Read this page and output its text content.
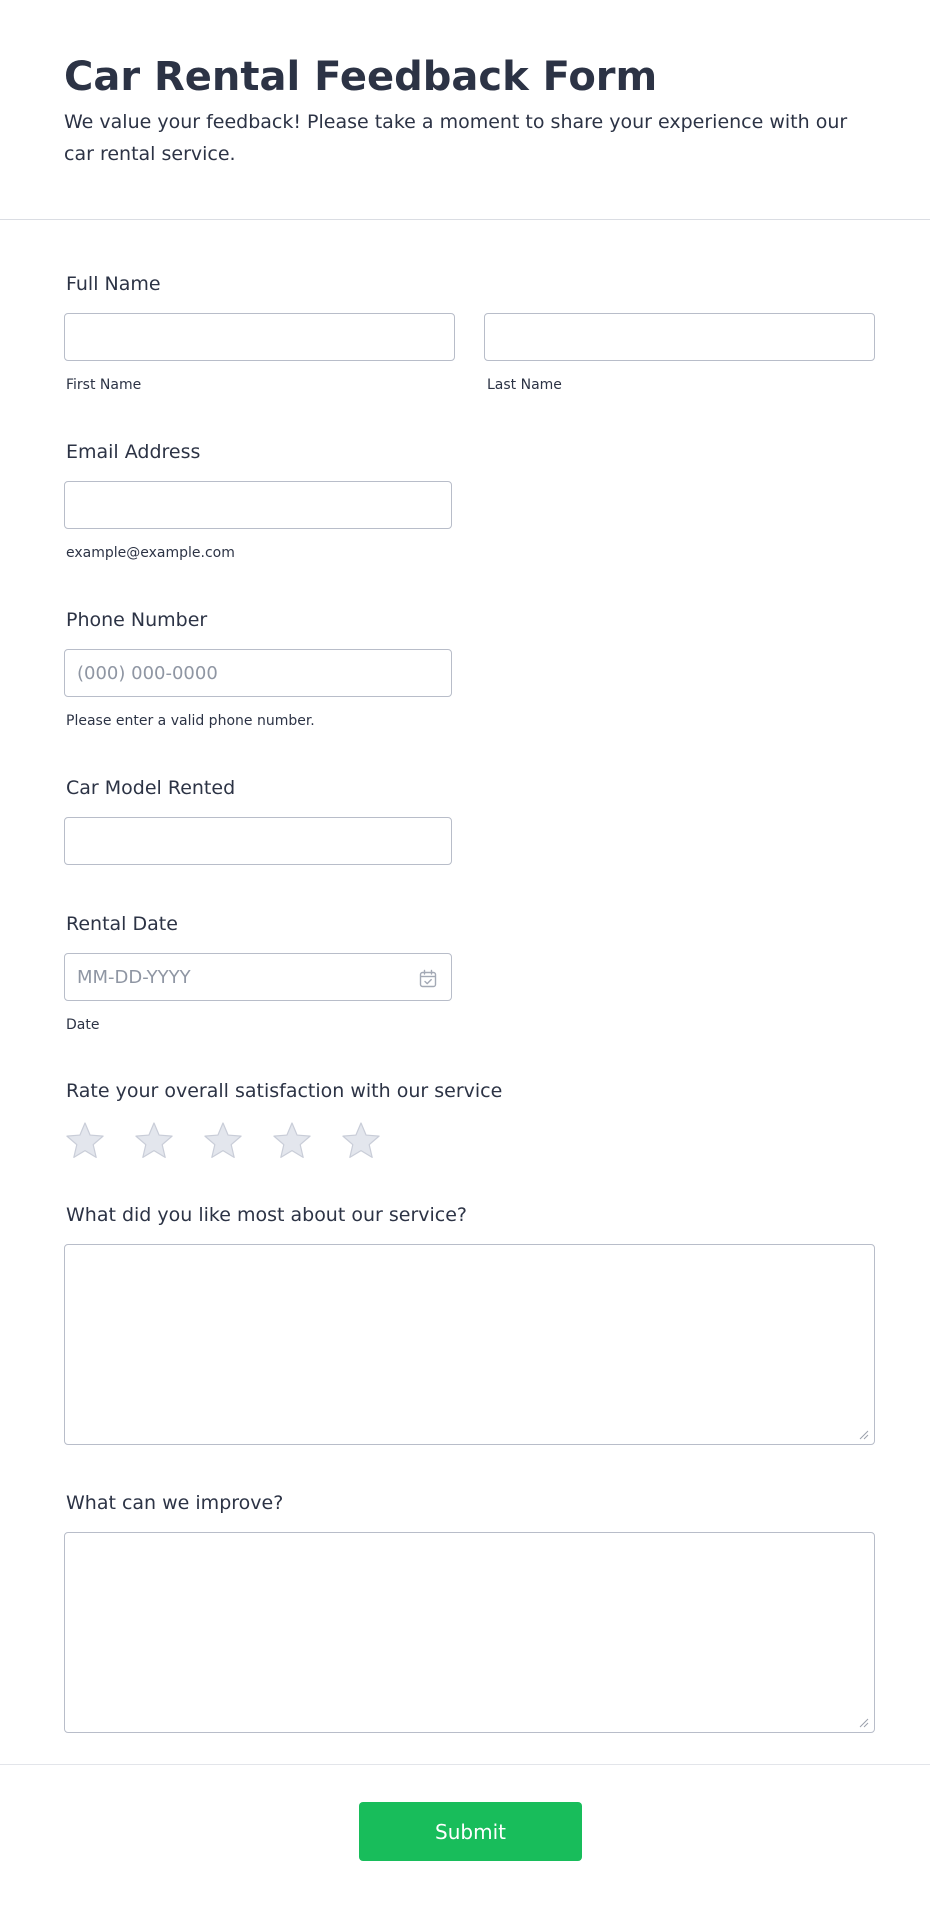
Car Rental Feedback Form

We value your feedback! Please take a moment to share your experience with our car rental service.

Full Name
First Name	Last Name
Email Address
example@example.com
Phone Number
(000) 000-0000
Please enter a valid phone number.
Car Model Rented
Rental Date
MM-DD-YYYY
Date
Rate your overall satisfaction with our service
What did you like most about our service?
What can we improve?
Submit
